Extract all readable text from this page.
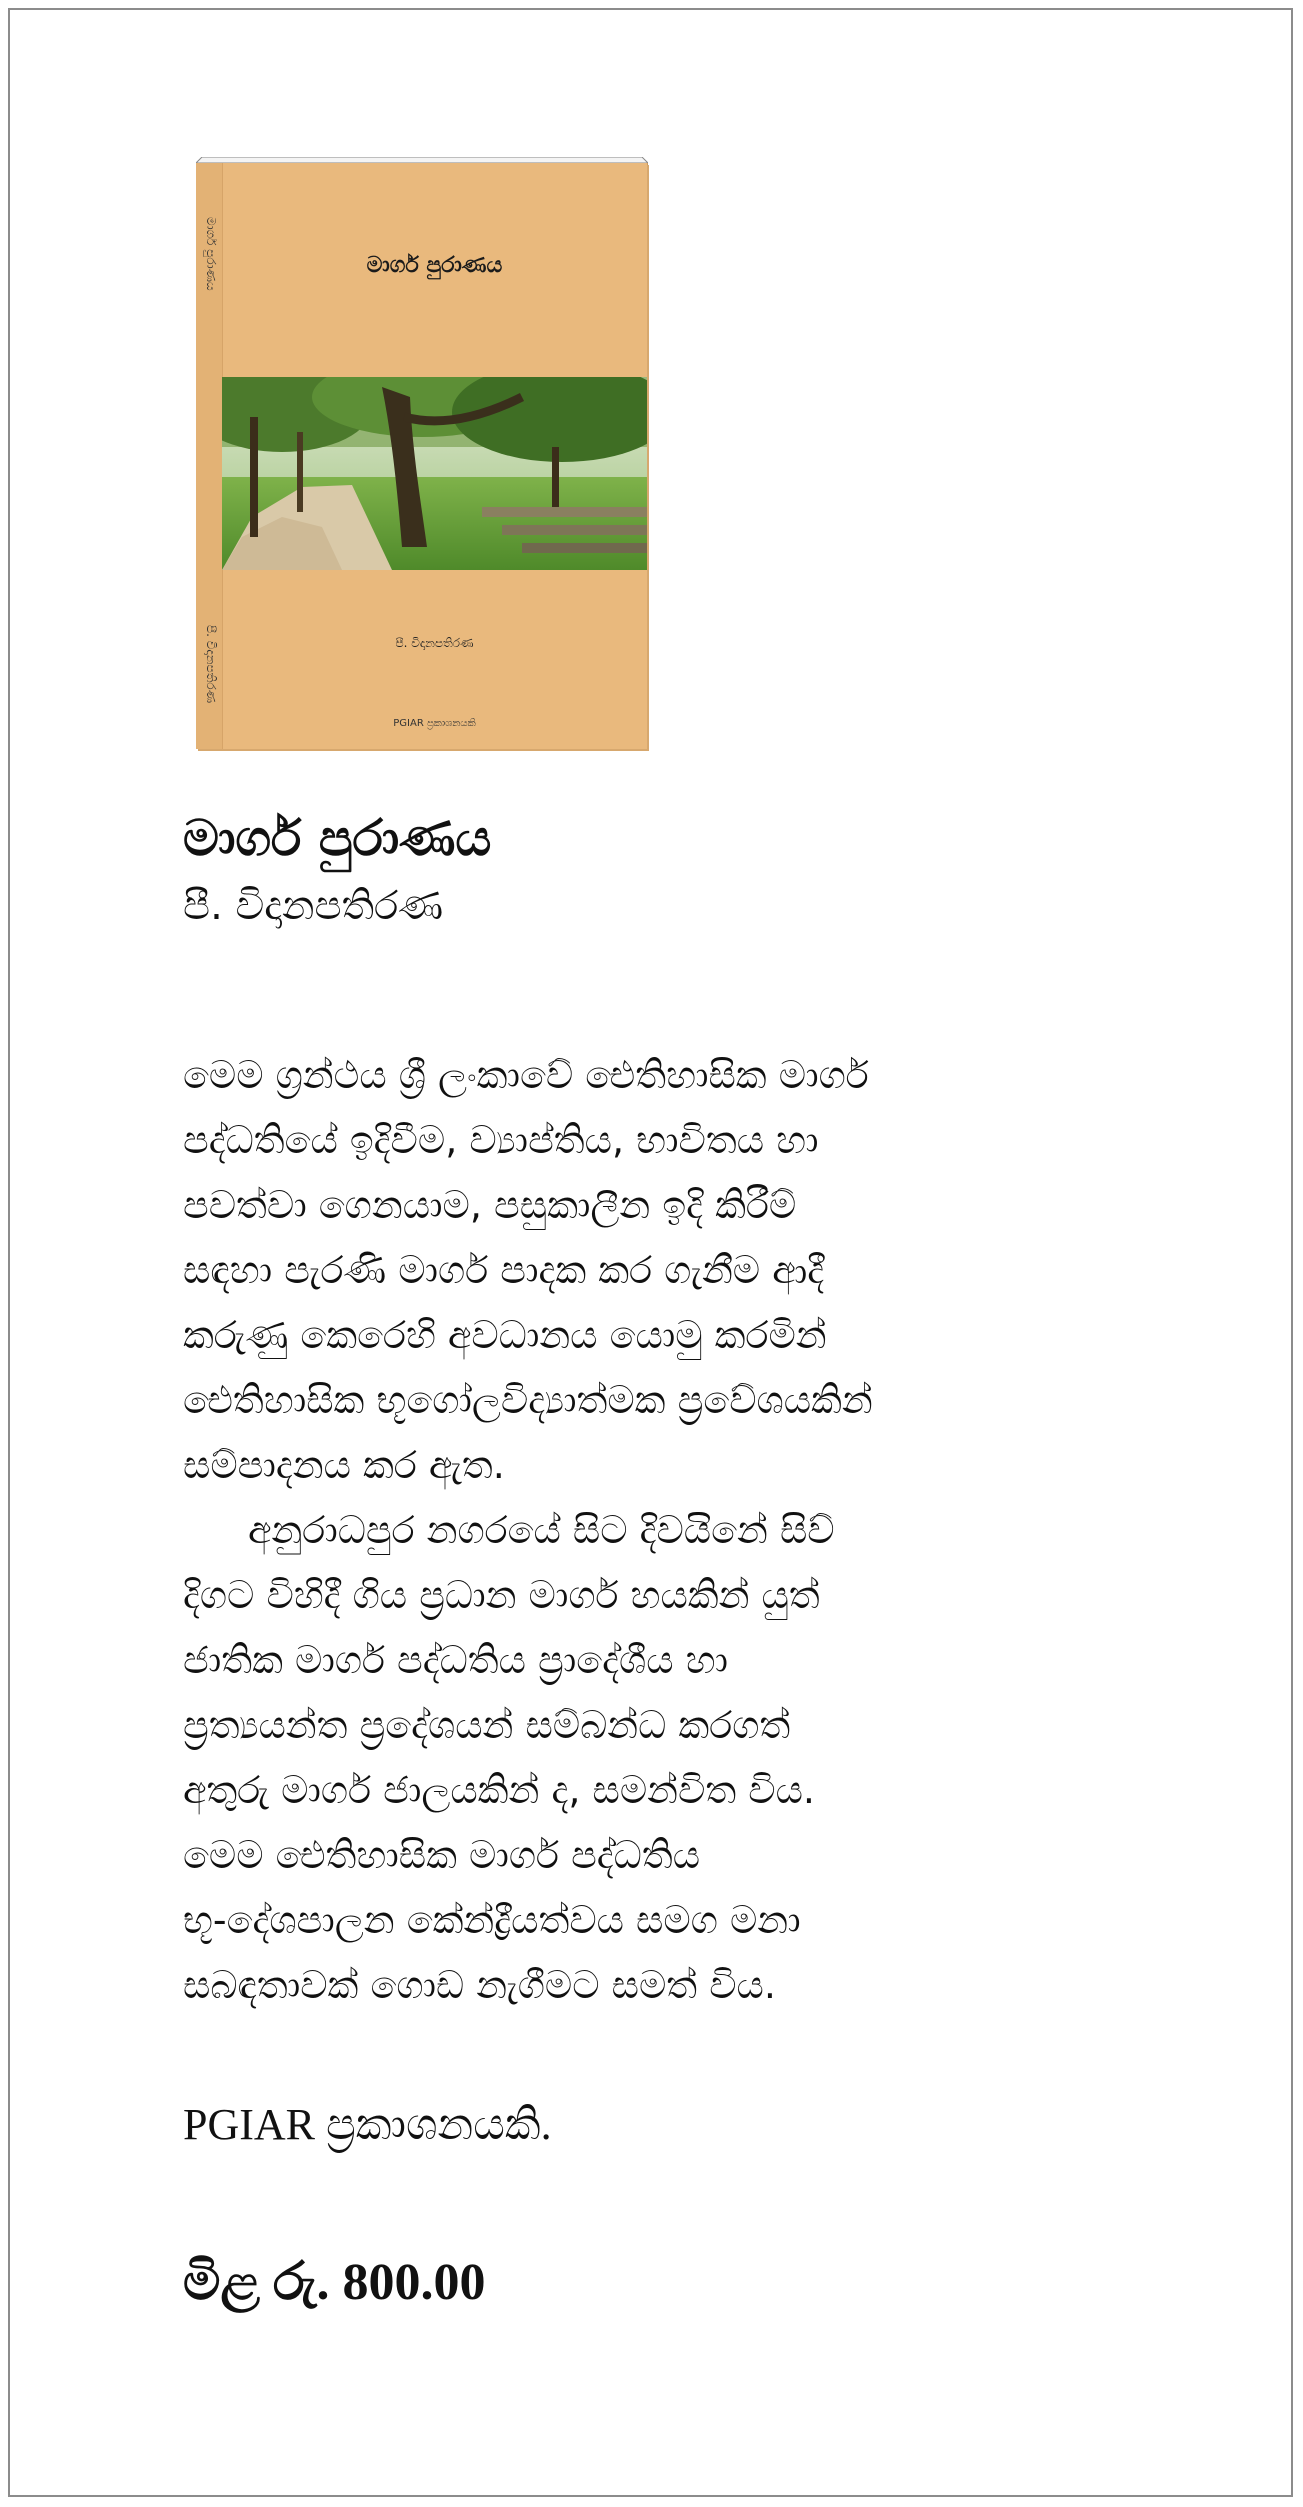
මාර්ග පුරාණය
පී. විදානපතිරණ
මාර්ග පුරාණය
පී. විදානපතිරණ
PGIAR ප්‍රකාශනයකි
මාර්ග පුරාණය
පී. විදානපතිරණ
මෙම ග්‍රන්ථය ශ්‍රී ලංකාවේ ඓතිහාසික මාර්ග
පද්ධතියේ ඉදිවීම, ව්‍යාප්තිය, භාවිතය හා
පවත්වා ගෙනයාම, පසුකාලීන ඉදි කිරීම්
සඳහා පැරණි මාර්ග පාදක කර ගැනීම ආදී
කරුණු කෙරෙහි අවධානය යොමු කරමින්
ඓතිහාසික භූගෝලවිද්‍යාත්මක ප්‍රවේශයකින්
සම්පාදනය කර ඇත.
අනුරාධපුර නගරයේ සිට දිවයිනේ සිව්
දිගට විහිදී ගිය ප්‍රධාන මාර්ග හයකින් යුත්
ජාතික මාර්ග පද්ධතිය ප්‍රාදේශීය හා
ප්‍රත්‍යයන්ත ප්‍රදේශයන් සම්බන්ධ කරගත්
අතුරු මාර්ග ජාලයකින් ද, සමන්විත විය.
මෙම ඓතිහාසික මාර්ග පද්ධතිය
භූ-දේශපාලන කේන්ද්‍රීයත්වය සමග මනා
සබඳතාවක් ගොඩ නැගීමට සමත් විය.
PGIAR ප්‍රකාශනයකි.
මිළ රු. 800.00
